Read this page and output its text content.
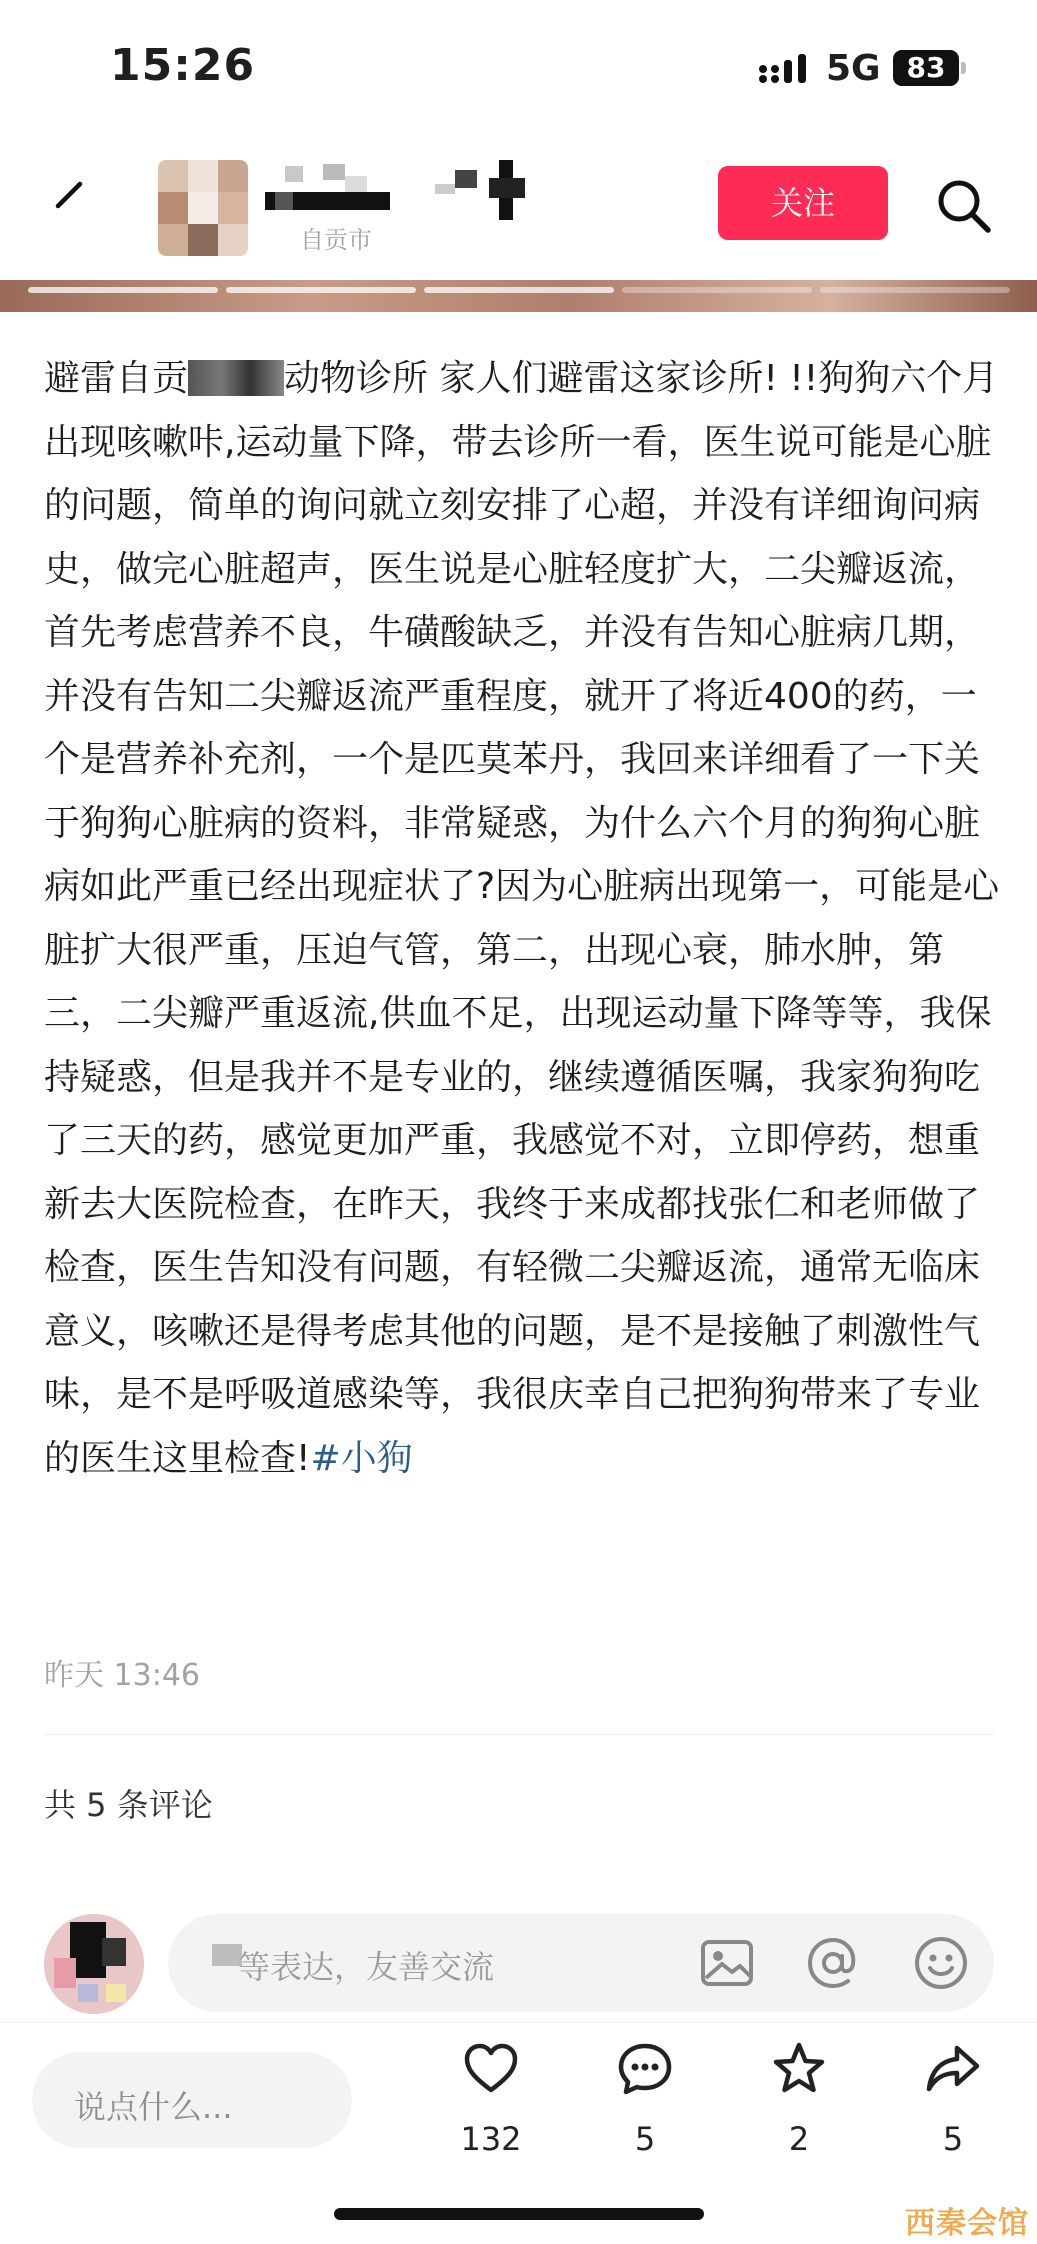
15:26	5G 83
自贡市
关注
避雷自贡	动物诊所 家人们避雷这家诊所! !!狗狗六个月出现咳嗽咔,运动量下降，带去诊所一看，医生说可能是心脏的问题，简单的询问就立刻安排了心超，并没有详细询问病史，做完心脏超声，医生说是心脏轻度扩大，二尖瓣返流，首先考虑营养不良，牛磺酸缺乏，并没有告知心脏病几期，并没有告知二尖瓣返流严重程度，就开了将近400的药，一个是营养补充剂，一个是匹莫苯丹，我回来详细看了一下关于狗狗心脏病的资料，非常疑惑，为什么六个月的狗狗心脏病如此严重已经出现症状了?因为心脏病出现第一，可能是心脏扩大很严重，压迫气管，第二，出现心衰，肺水肿，第三，二尖瓣严重返流,供血不足，出现运动量下降等等，我保持疑惑，但是我并不是专业的，继续遵循医嘱，我家狗狗吃了三天的药，感觉更加严重，我感觉不对，立即停药，想重新去大医院检查，在昨天，我终于来成都找张仁和老师做了检查，医生告知没有问题，有轻微二尖瓣返流，通常无临床意义，咳嗽还是得考虑其他的问题，是不是接触了刺激性气味，是不是呼吸道感染等，我很庆幸自己把狗狗带来了专业的医生这里检查!#小狗
昨天 13:46
共 5 条评论
等表达，友善交流
说点什么...
132	5	2	5
西秦会馆
